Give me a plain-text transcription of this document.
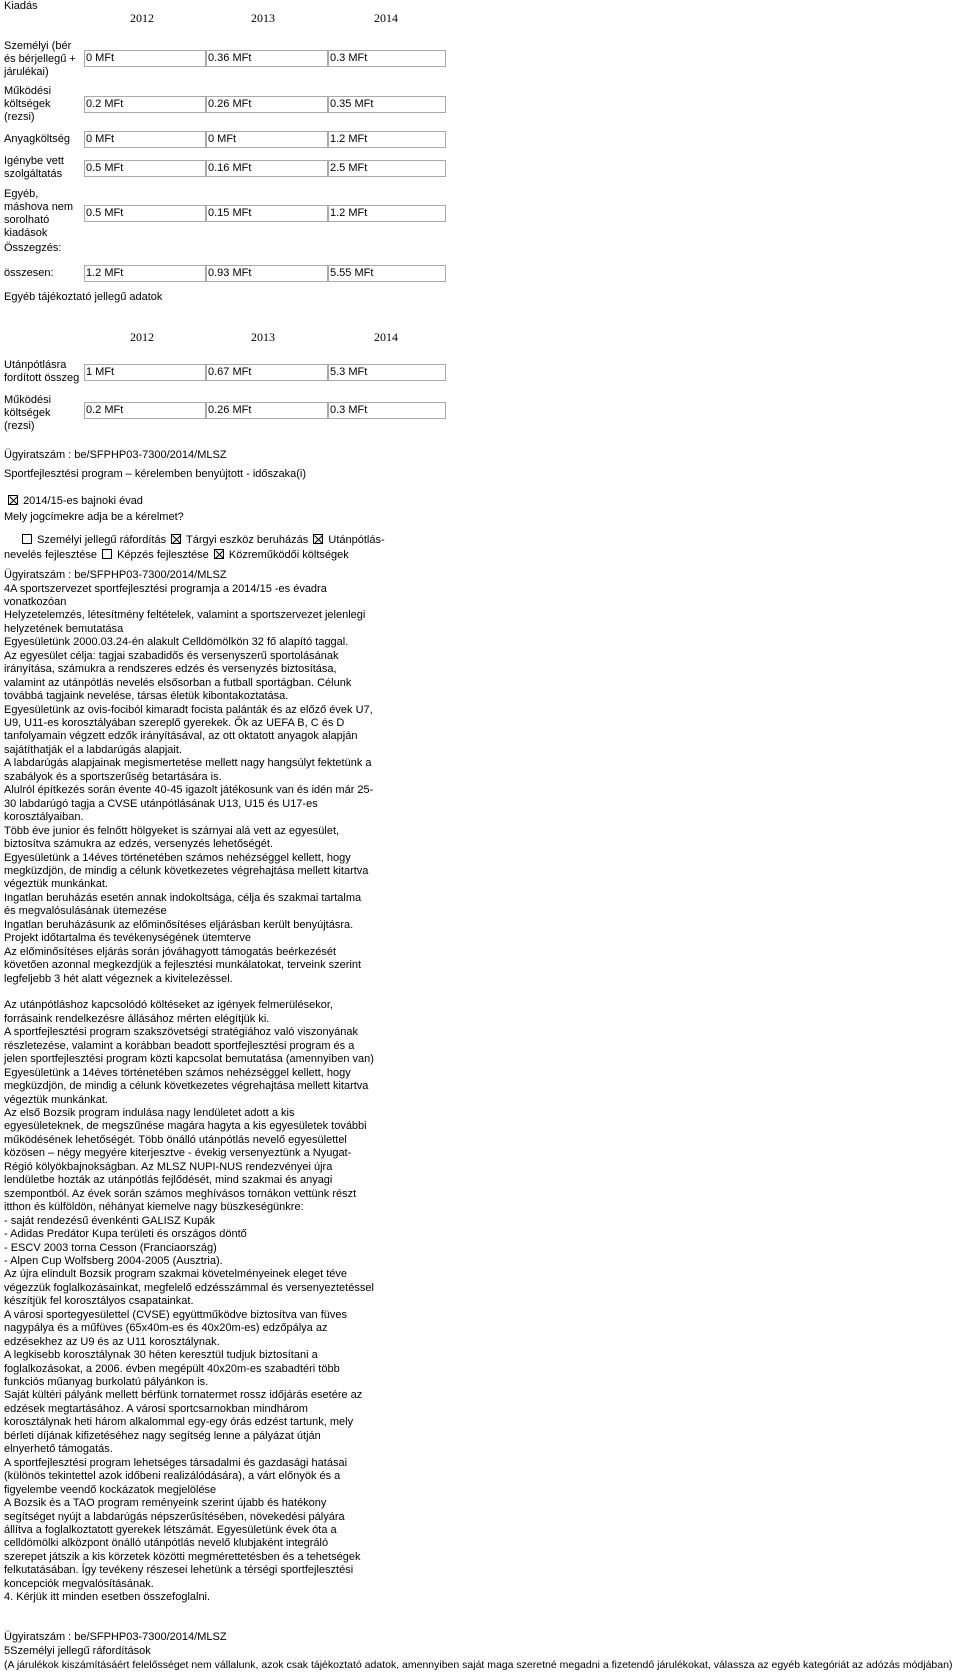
Kiadás
2012	2013	2014
Személyi (bér és bérjellegű + járulékai)
0 MFt	0.36 MFt	0.3 MFt
Működési költségek (rezsi)
0.2 MFt	0.26 MFt	0.35 MFt
Anyagköltség	0 MFt	0 MFt	1.2 MFt
Igénybe vett szolgáltatás	0.5 MFt	0.16 MFt	2.5 MFt
Egyéb, máshova nem sorolható kiadások
0.5 MFt	0.15 MFt	1.2 MFt
Összegzés:
összesen:	1.2 MFt	0.93 MFt	5.55 MFt
Egyéb tájékoztató jellegű adatok
2012	2013	2014
Utánpótlásra fordított összeg 1 MFt	0.67 MFt	5.3 MFt
Működési költségek (rezsi)
0.2 MFt	0.26 MFt	0.3 MFt
Ügyiratszám : be/SFPHP03-7300/2014/MLSZ
Sportfejlesztési program – kérelemben benyújtott - időszaka(i)
2014/15-es bajnoki évad
Mely jogcímekre adja be a kérelmet?
Személyi jellegű ráfordítás Tárgyi eszköz beruházás Utánpótlás-
nevelés fejlesztése Képzés fejlesztése Közreműködői költségek
Ügyiratszám : be/SFPHP03-7300/2014/MLSZ
4A sportszervezet sportfejlesztési programja a 2014/15 -es évadra
vonatkozóan
Helyzetelemzés, létesítmény feltételek, valamint a sportszervezet jelenlegi
helyzetének bemutatása
Egyesületünk 2000.03.24-én alakult Celldömölkön 32 fő alapító taggal.
Az egyesület célja: tagjai szabadidős és versenyszerű sportolásának
irányítása, számukra a rendszeres edzés és versenyzés biztosítása,
valamint az utánpótlás nevelés elsősorban a futball sportágban. Célunk
továbbá tagjaink nevelése, társas életük kibontakoztatása.
Egyesületünk az ovis-fociból kimaradt focista palánták és az előző évek U7,
U9, U11-es korosztályában szereplő gyerekek. Ők az UEFA B, C és D
tanfolyamain végzett edzők irányításával, az ott oktatott anyagok alapján
sajátíthatják el a labdarúgás alapjait.
A labdarúgás alapjainak megismertetése mellett nagy hangsúlyt fektetünk a
szabályok és a sportszerűség betartására is.
Alulról építkezés során évente 40-45 igazolt játékosunk van és idén már 25-
30 labdarúgó tagja a CVSE utánpótlásának U13, U15 és U17-es
korosztályaiban.
Több éve junior és felnőtt hölgyeket is szárnyai alá vett az egyesület,
biztosítva számukra az edzés, versenyzés lehetőségét.
Egyesületünk a 14éves történetében számos nehézséggel kellett, hogy
megküzdjön, de mindig a célunk következetes végrehajtása mellett kitartva
végeztük munkánkat.
Ingatlan beruházás esetén annak indokoltsága, célja és szakmai tartalma
és megvalósulásának ütemezése
Ingatlan beruházásunk az előminősítéses eljárásban került benyújtásra.
Projekt időtartalma és tevékenységének ütemterve
Az előminősítéses eljárás során jóváhagyott támogatás beérkezését
követően azonnal megkezdjük a fejlesztési munkálatokat, terveink szerint
legfeljebb 3 hét alatt végeznek a kivitelezéssel.
Az utánpótláshoz kapcsolódó költéseket az igények felmerülésekor,
forrásaink rendelkezésre állásához mérten elégítjük ki.
A sportfejlesztési program szakszövetségi stratégiához való viszonyának
részletezése, valamint a korábban beadott sportfejlesztési program és a
jelen sportfejlesztési program közti kapcsolat bemutatása (amennyiben van)
Egyesületünk a 14éves történetében számos nehézséggel kellett, hogy
megküzdjön, de mindig a célunk következetes végrehajtása mellett kitartva
végeztük munkánkat.
Az első Bozsik program indulása nagy lendületet adott a kis
egyesületeknek, de megszűnése magára hagyta a kis egyesületek további
működésének lehetőségét. Több önálló utánpótlás nevelő egyesülettel
közösen – négy megyére kiterjesztve - évekig versenyeztünk a Nyugat-
Régió kölyökbajnokságban. Az MLSZ NUPI-NUS rendezvényei újra
lendületbe hozták az utánpótlás fejlődését, mind szakmai és anyagi
szempontból. Az évek során számos meghívásos tornákon vettünk részt
itthon és külföldön, néhányat kiemelve nagy büszkeségünkre:
- saját rendezésű évenkénti GALISZ Kupák
- Adidas Predátor Kupa területi és országos döntő
- ESCV 2003 torna Cesson (Franciaország)
- Alpen Cup Wolfsberg 2004-2005 (Ausztria).
Az újra elindult Bozsik program szakmai követelményeinek eleget téve
végezzük foglalkozásainkat, megfelelő edzésszámmal és versenyeztetéssel
készítjük fel korosztályos csapatainkat.
A városi sportegyesülettel (CVSE) együttműködve biztosítva van füves
nagypálya és a műfüves (65x40m-es és 40x20m-es) edzőpálya az
edzésekhez az U9 és az U11 korosztálynak.
A legkisebb korosztálynak 30 héten keresztül tudjuk biztosítani a
foglalkozásokat, a 2006. évben megépült 40x20m-es szabadtéri több
funkciós műanyag burkolatú pályánkon is.
Saját kültéri pályánk mellett bérfünk tornatermet rossz időjárás esetére az
edzések megtartásához. A városi sportcsarnokban mindhárom
korosztálynak heti három alkalommal egy-egy órás edzést tartunk, mely
bérleti díjának kifizetéséhez nagy segítség lenne a pályázat útján
elnyerhető támogatás.
A sportfejlesztési program lehetséges társadalmi és gazdasági hatásai
(különös tekintettel azok időbeni realizálódására), a várt előnyök és a
figyelembe veendő kockázatok megjelölése
A Bozsik és a TAO program reményeink szerint újabb és hatékony
segítséget nyújt a labdarúgás népszerűsítésében, növekedési pályára
állítva a foglalkoztatott gyerekek létszámát. Egyesületünk évek óta a
celldömölki alközpont önálló utánpótlás nevelő klubjaként integráló
szerepet játszik a kis körzetek közötti megmérettetésben és a tehetségek
felkutatásában. Így tevékeny részesei lehetünk a térségi sportfejlesztési
koncepciók megvalósításának.
4. Kérjük itt minden esetben összefoglalni.
Ügyiratszám : be/SFPHP03-7300/2014/MLSZ
5Személyi jellegű ráfordítások
(A járulékok kiszámításáért felelősséget nem vállalunk, azok csak tájékoztató adatok, amennyiben saját maga szeretné megadni a fizetendő járulékokat, válassza az egyéb kategóriát az adózás módjában)
